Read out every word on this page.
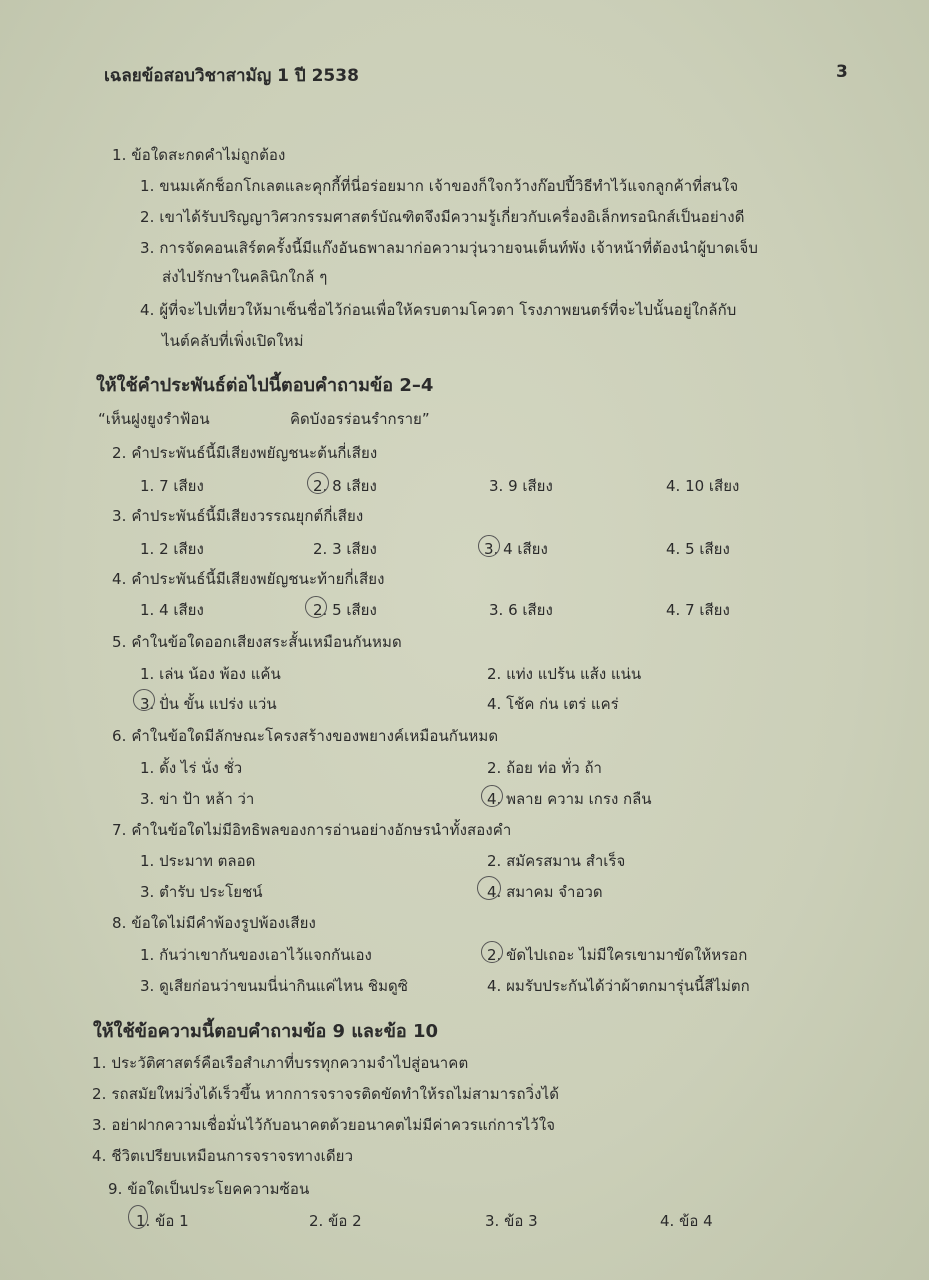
เฉลยข้อสอบวิชาสามัญ 1 ปี 2538	3
1. ข้อใดสะกดคำไม่ถูกต้อง
1. ขนมเค้กช็อกโกเลตและคุกกี้ที่นี่อร่อยมาก เจ้าของก็ใจกว้างก๊อปปี้วิธีทำไว้แจกลูกค้าที่สนใจ
2. เขาได้รับปริญญาวิศวกรรมศาสตร์บัณฑิตจึงมีความรู้เกี่ยวกับเครื่องอิเล็กทรอนิกส์เป็นอย่างดี
3. การจัดคอนเสิร์ตครั้งนี้มีแก๊งอันธพาลมาก่อความวุ่นวายจนเต็นท์พัง เจ้าหน้าที่ต้องนำผู้บาดเจ็บ
ส่งไปรักษาในคลินิกใกล้ ๆ
4. ผู้ที่จะไปเที่ยวให้มาเซ็นชื่อไว้ก่อนเพื่อให้ครบตามโควตา โรงภาพยนตร์ที่จะไปนั้นอยู่ใกล้กับ
ไนต์คลับที่เพิ่งเปิดใหม่
ให้ใช้คำประพันธ์ต่อไปนี้ตอบคำถามข้อ 2–4
“เห็นฝูงยูงรำฟ้อน	คิดบังอรร่อนรำกราย”
2. คำประพันธ์นี้มีเสียงพยัญชนะต้นกี่เสียง
1. 7 เสียง	2. 8 เสียง	3. 9 เสียง	4. 10 เสียง
3. คำประพันธ์นี้มีเสียงวรรณยุกต์กี่เสียง
1. 2 เสียง	2. 3 เสียง	3. 4 เสียง	4. 5 เสียง
4. คำประพันธ์นี้มีเสียงพยัญชนะท้ายกี่เสียง
1. 4 เสียง	2. 5 เสียง	3. 6 เสียง	4. 7 เสียง
5. คำในข้อใดออกเสียงสระสั้นเหมือนกันหมด
1. เล่น น้อง พ้อง แค้น	2. แท่ง แปร้น แส้ง แน่น
3. ปั่น ขั้น แปร่ง แว่น	4. โช้ค ก่น เตร่ แคร่
6. คำในข้อใดมีลักษณะโครงสร้างของพยางค์เหมือนกันหมด
1. ดั้ง ไร่ นั่ง ชั่ว	2. ถ้อย ท่อ ทั่ว ถ้า
3. ข่า ป้า หล้า ว่า	4. พลาย ความ เกรง กลืน
7. คำในข้อใดไม่มีอิทธิพลของการอ่านอย่างอักษรนำทั้งสองคำ
1. ประมาท ตลอด	2. สมัครสมาน สำเร็จ
3. ตำรับ ประโยชน์	4. สมาคม จำอวด
8. ข้อใดไม่มีคำพ้องรูปพ้องเสียง
1. กันว่าเขากันของเอาไว้แจกกันเอง	2. ขัดไปเถอะ ไม่มีใครเขามาขัดให้หรอก
3. ดูเสียก่อนว่าขนมนี่น่ากินแค่ไหน ชิมดูซิ	4. ผมรับประกันได้ว่าผ้าตกมารุ่นนี้สีไม่ตก
ให้ใช้ข้อความนี้ตอบคำถามข้อ 9 และข้อ 10
1. ประวัติศาสตร์คือเรือสำเภาที่บรรทุกความจำไปสู่อนาคต
2. รถสมัยใหม่วิ่งได้เร็วขึ้น หากการจราจรติดขัดทำให้รถไม่สามารถวิ่งได้
3. อย่าฝากความเชื่อมั่นไว้กับอนาคตด้วยอนาคตไม่มีค่าควรแก่การไว้ใจ
4. ชีวิตเปรียบเหมือนการจราจรทางเดียว
9. ข้อใดเป็นประโยคความซ้อน
1. ข้อ 1	2. ข้อ 2	3. ข้อ 3	4. ข้อ 4
